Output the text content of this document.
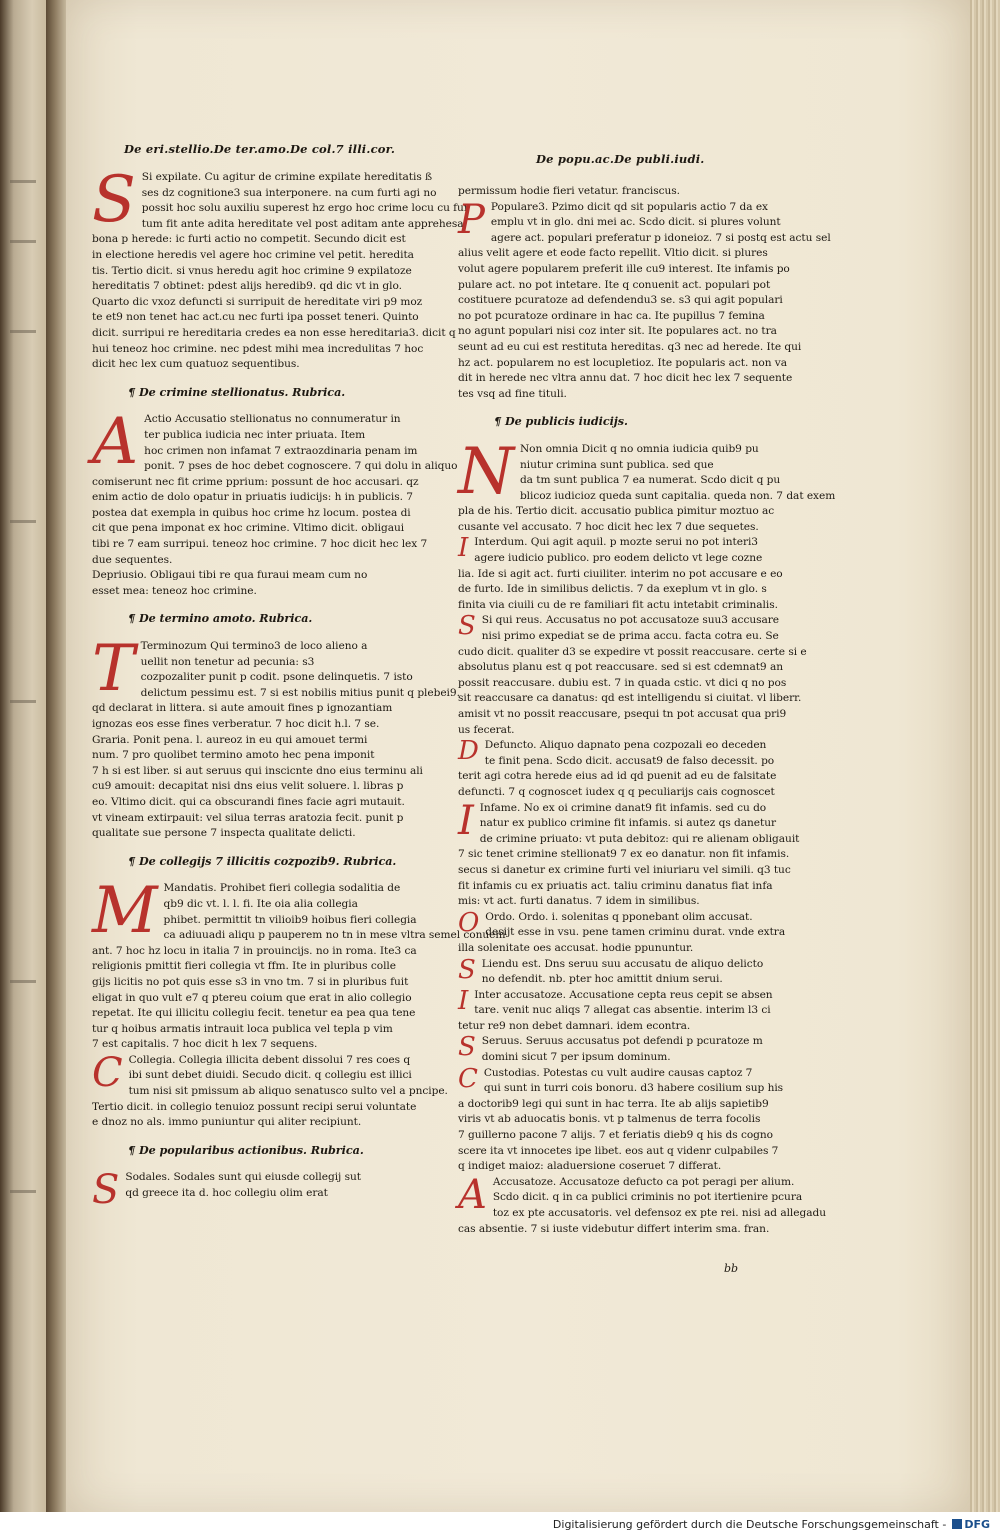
De eri.stellio.De ter.amo.De col.7 illi.cor.
De popu.ac.De publi.iudi.
S Si expilate. Cu agitur de crimine expilate hereditatis ß
ses dz cognitione3 sua interponere. na cum furti agi no
possit hoc solu auxiliu superest hz ergo hoc crime locu cu fur
tum fit ante adita hereditate vel post aditam ante apprehesa
bona p herede: ic furti actio no competit. Secundo dicit est
in electione heredis vel agere hoc crimine vel petit. heredita
tis. Tertio dicit. si vnus heredu agit hoc crimine 9 expilatoze
hereditatis 7 obtinet: pdest alijs heredib9. qd dic vt in glo.
Quarto dic vxoz defuncti si surripuit de hereditate viri p9 moz
te et9 non tenet hac act.cu nec furti ipa posset teneri. Quinto
dicit. surripui re hereditaria credes ea non esse hereditaria3. dicit q
hui teneoz hoc crimine. nec pdest mihi mea incredulitas 7 hoc
dicit hec lex cum quatuoz sequentibus.
¶ De crimine stellionatus. Rubrica.
A Actio Accusatio stellionatus no connumeratur in
ter publica iudicia nec inter priuata. Item
hoc crimen non infamat 7 extraozdinaria penam im
ponit. 7 pses de hoc debet cognoscere. 7 qui dolu in aliquo
comiserunt nec fit crime pprium: possunt de hoc accusari. qz
enim actio de dolo opatur in priuatis iudicijs: h in publicis. 7
postea dat exempla in quibus hoc crime hz locum. postea di
cit que pena imponat ex hoc crimine. Vltimo dicit. obligaui
tibi re 7 eam surripui. teneoz hoc crimine. 7 hoc dicit hec lex 7
due sequentes.
Depriusio. Obligaui tibi re qua furaui meam cum no
esset mea: teneoz hoc crimine.
¶ De termino amoto. Rubrica.
T Terminozum Qui termino3 de loco alieno a
uellit non tenetur ad pecunia: s3
cozpozaliter punit p codit. psone delinquetis. 7 isto
delictum pessimu est. 7 si est nobilis mitius punit q plebei9.
qd declarat in littera. si aute amouit fines p ignozantiam
ignozas eos esse fines verberatur. 7 hoc dicit h.l. 7 se.
Graria. Ponit pena. l. aureoz in eu qui amouet termi
num. 7 pro quolibet termino amoto hec pena imponit
7 h si est liber. si aut seruus qui inscicnte dno eius terminu ali
cu9 amouit: decapitat nisi dns eius velit soluere. l. libras p
eo. Vltimo dicit. qui ca obscurandi fines facie agri mutauit.
vt vineam extirpauit: vel silua terras aratozia fecit. punit p
qualitate sue persone 7 inspecta qualitate delicti.
¶ De collegijs 7 illicitis cozpozib9. Rubrica.
M Mandatis. Prohibet fieri collegia sodalitia de
qb9 dic vt. l. l. fi. Ite oia alia collegia
phibet. permittit tn vilioib9 hoibus fieri collegia
ca adiuuadi aliqu p pauperem no tn in mese vltra semel conueni
ant. 7 hoc hz locu in italia 7 in prouincijs. no in roma. Ite3 ca
religionis pmittit fieri collegia vt ffm. Ite in pluribus colle
gijs licitis no pot quis esse s3 in vno tm. 7 si in pluribus fuit
eligat in quo vult e7 q ptereu coium que erat in alio collegio
repetat. Ite qui illicitu collegiu fecit. tenetur ea pea qua tene
tur q hoibus armatis intrauit loca publica vel tepla p vim
7 est capitalis. 7 hoc dicit h lex 7 sequens.
C Collegia. Collegia illicita debent dissolui 7 res coes q
ibi sunt debet diuidi. Secudo dicit. q collegiu est illici
tum nisi sit pmissum ab aliquo senatusco sulto vel a pncipe.
Tertio dicit. in collegio tenuioz possunt recipi serui voluntate
e dnoz no als. immo puniuntur qui aliter recipiunt.
¶ De popularibus actionibus. Rubrica.
S Sodales. Sodales sunt qui eiusde collegij sut
qd greece ita d. hoc collegiu olim erat
permissum hodie fieri vetatur. franciscus.
P Populare3. Pzimo dicit qd sit popularis actio 7 da ex
emplu vt in glo. dni mei ac. Scdo dicit. si plures volunt
agere act. populari preferatur p idoneioz. 7 si postq est actu sel
alius velit agere et eode facto repellit. Vltio dicit. si plures
volut agere popularem preferit ille cu9 interest. Ite infamis po
pulare act. no pot intetare. Ite q conuenit act. populari pot
costituere pcuratoze ad defendendu3 se. s3 qui agit populari
no pot pcuratoze ordinare in hac ca. Ite pupillus 7 femina
no agunt populari nisi coz inter sit. Ite populares act. no tra
seunt ad eu cui est restituta hereditas. q3 nec ad herede. Ite qui
hz act. popularem no est locupletioz. Ite popularis act. non va
dit in herede nec vltra annu dat. 7 hoc dicit hec lex 7 sequente
tes vsq ad fine tituli.
¶ De publicis iudicijs.
N Non omnia Dicit q no omnia iudicia quib9 pu
niutur crimina sunt publica. sed que
da tm sunt publica 7 ea numerat. Scdo dicit q pu
blicoz iudicioz queda sunt capitalia. queda non. 7 dat exem
pla de his. Tertio dicit. accusatio publica pimitur moztuo ac
cusante vel accusato. 7 hoc dicit hec lex 7 due sequetes.
I Interdum. Qui agit aquil. p mozte serui no pot interi3
agere iudicio publico. pro eodem delicto vt lege cozne
lia. Ide si agit act. furti ciuiliter. interim no pot accusare e eo
de furto. Ide in similibus delictis. 7 da exeplum vt in glo. s
finita via ciuili cu de re familiari fit actu intetabit criminalis.
S Si qui reus. Accusatus no pot accusatoze suu3 accusare
nisi primo expediat se de prima accu. facta cotra eu. Se
cudo dicit. qualiter d3 se expedire vt possit reaccusare. certe si e
absolutus planu est q pot reaccusare. sed si est cdemnat9 an
possit reaccusare. dubiu est. 7 in quada cstic. vt dici q no pos
sit reaccusare ca danatus: qd est intelligendu si ciuitat. vl liberr.
amisit vt no possit reaccusare, psequi tn pot accusat qua pri9
us fecerat.
D Defuncto. Aliquo dapnato pena cozpozali eo deceden
te finit pena. Scdo dicit. accusat9 de falso decessit. po
terit agi cotra herede eius ad id qd puenit ad eu de falsitate
defuncti. 7 q cognoscet iudex q q peculiarijs cais cognoscet
I Infame. No ex oi crimine danat9 fit infamis. sed cu do
natur ex publico crimine fit infamis. si autez qs danetur
de crimine priuato: vt puta debitoz: qui re alienam obligauit
7 sic tenet crimine stellionat9 7 ex eo danatur. non fit infamis.
secus si danetur ex crimine furti vel iniuriaru vel simili. q3 tuc
fit infamis cu ex priuatis act. taliu criminu danatus fiat infa
mis: vt act. furti danatus. 7 idem in similibus.
O Ordo. Ordo. i. solenitas q pponebant olim accusat.
desijt esse in vsu. pene tamen criminu durat. vnde extra
illa solenitate oes accusat. hodie ppununtur.
S Liendu est. Dns seruu suu accusatu de aliquo delicto
no defendit. nb. pter hoc amittit dnium serui.
I Inter accusatoze. Accusatione cepta reus cepit se absen
tare. venit nuc aliqs 7 allegat cas absentie. interim l3 ci
tetur re9 non debet damnari. idem econtra.
S Seruus. Seruus accusatus pot defendi p pcuratoze m
domini sicut 7 per ipsum dominum.
C Custodias. Potestas cu vult audire causas captoz 7
qui sunt in turri cois bonoru. d3 habere cosilium sup his
a doctorib9 legi qui sunt in hac terra. Ite ab alijs sapietib9
viris vt ab aduocatis bonis. vt p talmenus de terra focolis
7 guillerno pacone 7 alijs. 7 et feriatis dieb9 q his ds cogno
scere ita vt innocetes ipe libet. eos aut q videnr culpabiles 7
q indiget maioz: aladuersione coseruet 7 differat.
A Accusatoze. Accusatoze defucto ca pot peragi per alium.
Scdo dicit. q in ca publici criminis no pot itertienire pcura
toz ex pte accusatoris. vel defensoz ex pte rei. nisi ad allegadu
cas absentie. 7 si iuste videbutur differt interim sma. fran.
bb
Digitalisierung gefördert durch die Deutsche Forschungsgemeinschaft - DFG
